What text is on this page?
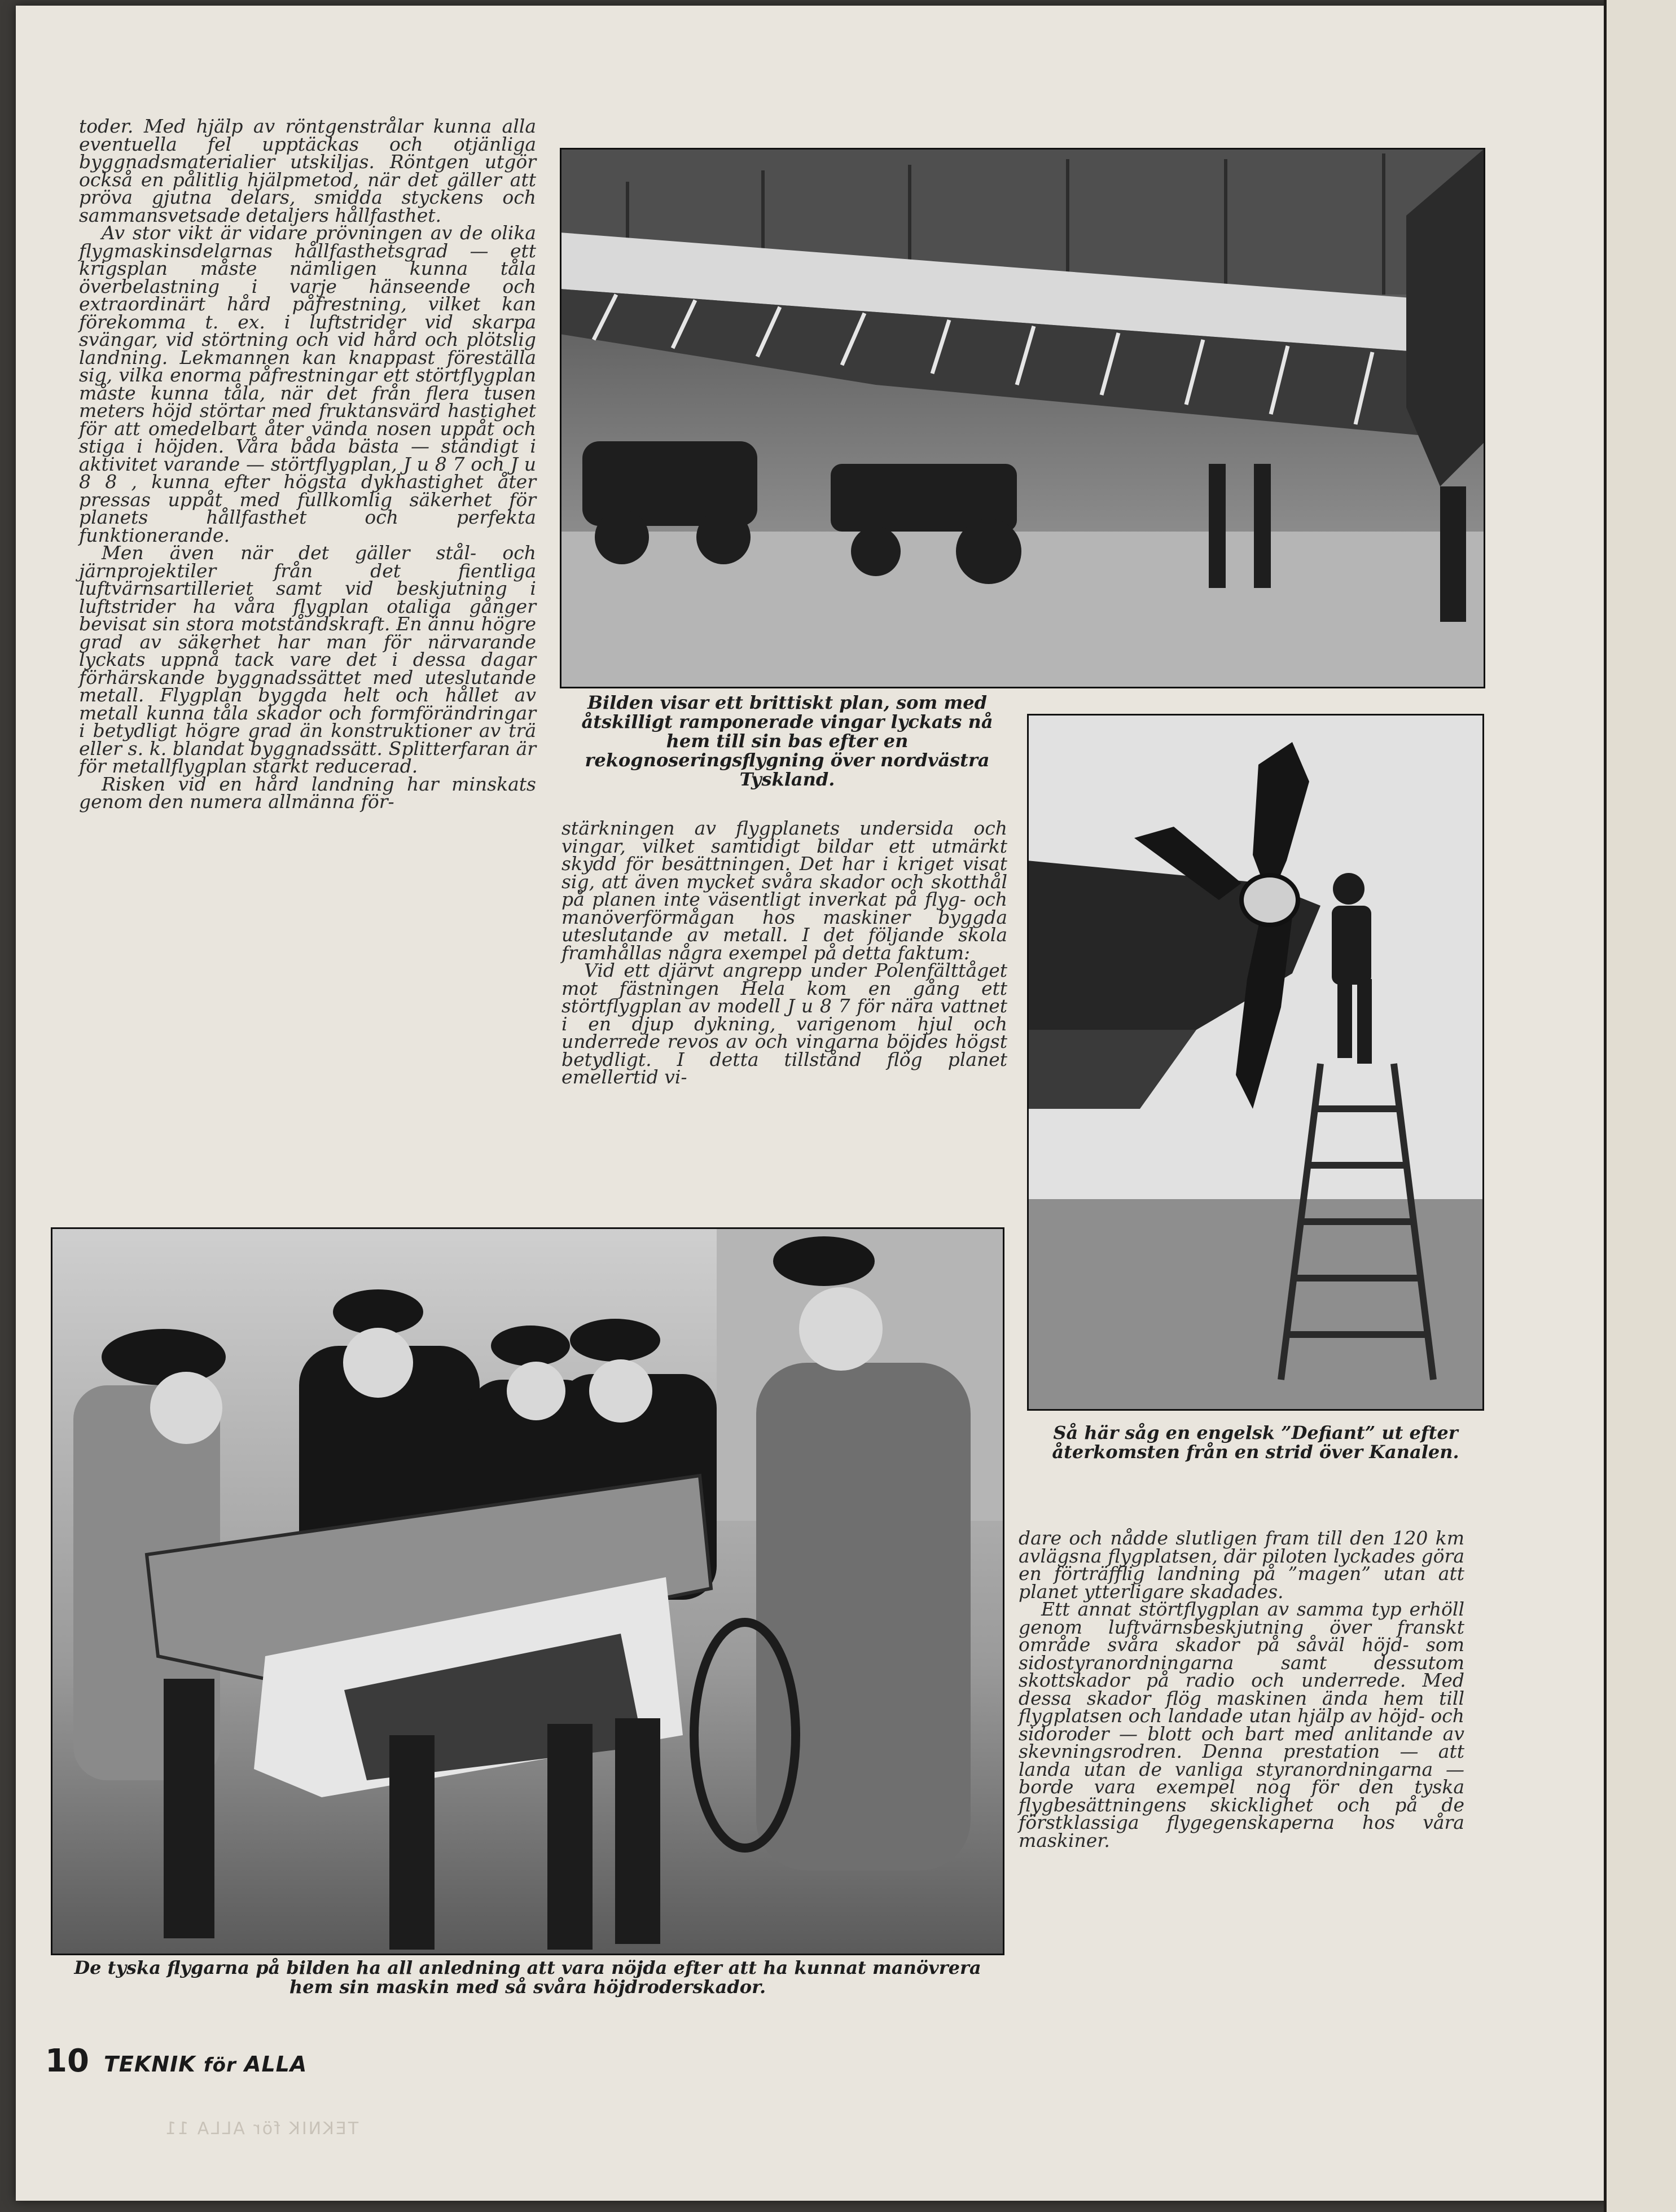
toder. Med hjälp av röntgenstrålar kunna alla eventuella fel upptäckas och otjänliga byggnadsmaterialier utskiljas. Röntgen utgör också en pålitlig hjälpmetod, när det gäller att pröva gjutna delars, smidda styckens och sammansvetsade detaljers hållfasthet.

Av stor vikt är vidare prövningen av de olika flygmaskinsdelarnas hållfasthetsgrad — ett krigsplan måste nämligen kunna tåla överbelastning i varje hänseende och extraordinärt hård påfrestning, vilket kan förekomma t. ex. i luftstrider vid skarpa svängar, vid störtning och vid hård och plötslig landning. Lekmannen kan knappast föreställa sig, vilka enorma påfrestningar ett störtflygplan måste kunna tåla, när det från flera tusen meters höjd störtar med fruktansvärd hastighet för att omedelbart åter vända nosen uppåt och stiga i höjden. Våra båda bästa — ständigt i aktivitet varande — störtflygplan, J u 8 7 och J u 8 8 , kunna efter högsta dykhastighet åter pressas uppåt med fullkomlig säkerhet för planets hållfasthet och perfekta funktionerande.

Men även när det gäller stål- och järnprojektiler från det fientliga luftvärnsartilleriet samt vid beskjutning i luftstrider ha våra flygplan otaliga gånger bevisat sin stora motståndskraft. En ännu högre grad av säkerhet har man för närvarande lyckats uppnå tack vare det i dessa dagar förhärskande byggnadssättet med uteslutande metall. Flygplan byggda helt och hållet av metall kunna tåla skador och formförändringar i betydligt högre grad än konstruktioner av trä eller s. k. blandat byggnadssätt. Splitterfaran är för metallflygplan starkt reducerad.

Risken vid en hård landning har minskats genom den numera allmänna för-

Bilden visar ett brittiskt plan, som med åtskilligt ramponerade vingar lyckats nå hem till sin bas efter en rekognoseringsflygning över nordvästra Tyskland.

stärkningen av flygplanets undersida och vingar, vilket samtidigt bildar ett utmärkt skydd för besättningen. Det har i kriget visat sig, att även mycket svåra skador och skotthål på planen inte väsentligt inverkat på flyg- och manöverförmågan hos maskiner byggda uteslutande av metall. I det följande skola framhållas några exempel på detta faktum:

Vid ett djärvt angrepp under Polenfälttåget mot fästningen Hela kom en gång ett störtflygplan av modell J u 8 7 för nära vattnet i en djup dykning, varigenom hjul och underrede revos av och vingarna böjdes högst betydligt. I detta tillstånd flög planet emellertid vi-

Så här såg en engelsk ”Defiant” ut efter återkomsten från en strid över Kanalen.

De tyska flygarna på bilden ha all anledning att vara nöjda efter att ha kunnat manövrera hem sin maskin med så svåra höjdroderskador.

dare och nådde slutligen fram till den 120 km avlägsna flygplatsen, där piloten lyckades göra en förträfflig landning på ”magen” utan att planet ytterligare skadades.

Ett annat störtflygplan av samma typ erhöll genom luftvärnsbeskjutning över franskt område svåra skador på såväl höjd- som sidostyranordningarna samt dessutom skottskador på radio och underrede. Med dessa skador flög maskinen ända hem till flygplatsen och landade utan hjälp av höjd- och sidoroder — blott och bart med anlitande av skevningsrodren. Denna prestation — att landa utan de vanliga styranordningarna — borde vara exempel nog för den tyska flygbesättningens skicklighet och på de förstklassiga flygegenskaperna hos våra maskiner.

10 TEKNIK för ALLA
TEKNIK för ALLA 11
